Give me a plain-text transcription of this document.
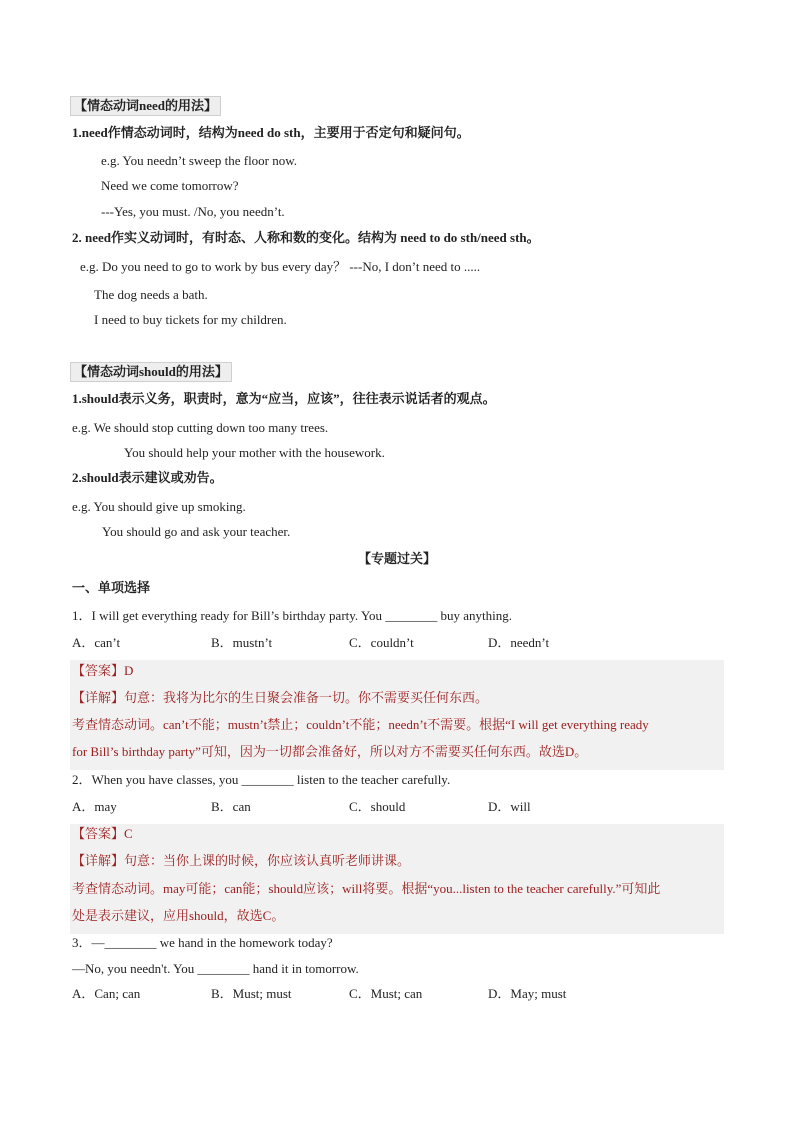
【情态动词need的用法】
1.need作情态动词时，结构为need do sth，主要用于否定句和疑问句。
e.g. You needn’t sweep the floor now.
Need we come tomorrow?
---Yes, you must. /No, you needn’t.
2. need作实义动词时，有时态、人称和数的变化。结构为 need to do sth/need sth。
e.g. Do you need to go to work by bus every day？ ---No, I don’t need to .....
The dog needs a bath.
I need to buy tickets for my children.
【情态动词should的用法】
1.should表示义务，职责时，意为“应当，应该”，往往表示说话者的观点。
e.g. We should stop cutting down too many trees.
You should help your mother with the housework.
2.should表示建议或劝告。
e.g. You should give up smoking.
You should go and ask your teacher.
【专题过关】
一、单项选择
1．I will get everything ready for Bill’s birthday party. You ________ buy anything.
A．can’t	B．mustn’t	C．couldn’t	D．needn’t
【答案】D
【详解】句意：我将为比尔的生日聚会准备一切。你不需要买任何东西。
考查情态动词。can’t不能；mustn’t禁止；couldn’t不能；needn’t不需要。根据“I will get everything ready
for Bill’s birthday party”可知，因为一切都会准备好，所以对方不需要买任何东西。故选D。
2．When you have classes, you ________ listen to the teacher carefully.
A．may	B．can	C．should	D．will
【答案】C
【详解】句意：当你上课的时候，你应该认真听老师讲课。
考查情态动词。may可能；can能；should应该；will将要。根据“you...listen to the teacher carefully.”可知此
处是表示建议，应用should，故选C。
3．—________ we hand in the homework today?
—No, you needn't. You ________ hand it in tomorrow.
A．Can; can	B．Must; must	C．Must; can	D．May; must
